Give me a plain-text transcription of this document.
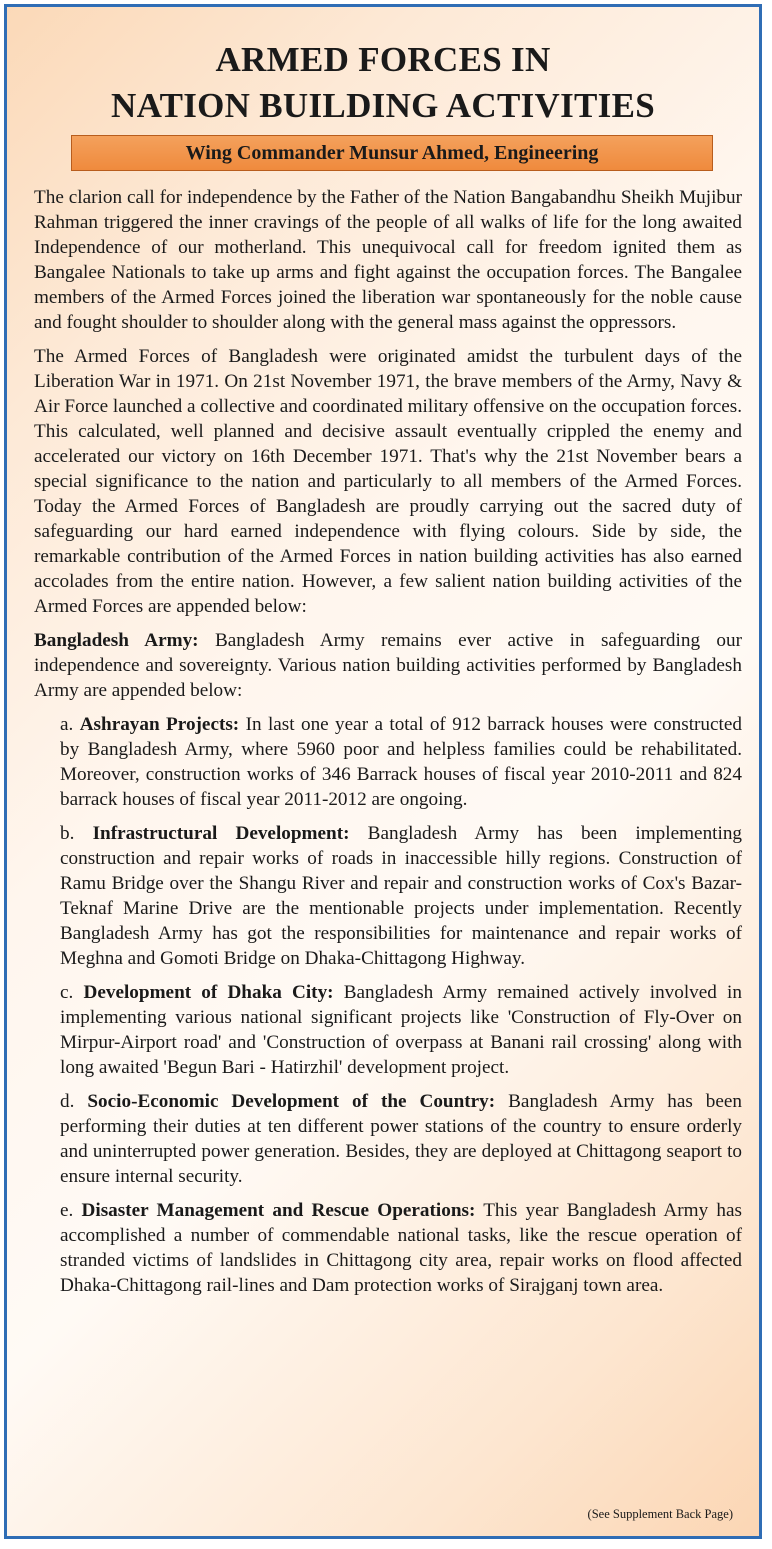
ARMED FORCES IN
NATION BUILDING ACTIVITIES
Wing Commander Munsur Ahmed, Engineering

The clarion call for independence by the Father of the Nation Bangabandhu Sheikh Mujibur Rahman triggered the inner cravings of the people of all walks of life for the long awaited Independence of our motherland. This unequivocal call for freedom ignited them as Bangalee Nationals to take up arms and fight against the occupation forces. The Bangalee members of the Armed Forces joined the liberation war spontaneously for the noble cause and fought shoulder to shoulder along with the general mass against the oppressors.

The Armed Forces of Bangladesh were originated amidst the turbulent days of the Liberation War in 1971. On 21st November 1971, the brave members of the Army, Navy & Air Force launched a collective and coordinated military offensive on the occupation forces. This calculated, well planned and decisive assault eventually crippled the enemy and accelerated our victory on 16th December 1971. That's why the 21st November bears a special significance to the nation and particularly to all members of the Armed Forces. Today the Armed Forces of Bangladesh are proudly carrying out the sacred duty of safeguarding our hard earned independence with flying colours. Side by side, the remarkable contribution of the Armed Forces in nation building activities has also earned accolades from the entire nation. However, a few salient nation building activities of the Armed Forces are appended below:

Bangladesh Army: Bangladesh Army remains ever active in safeguarding our independence and sovereignty. Various nation building activities performed by Bangladesh Army are appended below:

a. Ashrayan Projects: In last one year a total of 912 barrack houses were constructed by Bangladesh Army, where 5960 poor and helpless families could be rehabilitated. Moreover, construction works of 346 Barrack houses of fiscal year 2010-2011 and 824 barrack houses of fiscal year 2011-2012 are ongoing.

b. Infrastructural Development: Bangladesh Army has been implementing construction and repair works of roads in inaccessible hilly regions. Construction of Ramu Bridge over the Shangu River and repair and construction works of Cox's Bazar-Teknaf Marine Drive are the mentionable projects under implementation. Recently Bangladesh Army has got the responsibilities for maintenance and repair works of Meghna and Gomoti Bridge on Dhaka-Chittagong Highway.

c. Development of Dhaka City: Bangladesh Army remained actively involved in implementing various national significant projects like 'Construction of Fly-Over on Mirpur-Airport road' and 'Construction of overpass at Banani rail crossing' along with long awaited 'Begun Bari - Hatirzhil' development project.

d. Socio-Economic Development of the Country: Bangladesh Army has been performing their duties at ten different power stations of the country to ensure orderly and uninterrupted power generation. Besides, they are deployed at Chittagong seaport to ensure internal security.

e. Disaster Management and Rescue Operations: This year Bangladesh Army has accomplished a number of commendable national tasks, like the rescue operation of stranded victims of landslides in Chittagong city area, repair works on flood affected Dhaka-Chittagong rail-lines and Dam protection works of Sirajganj town area.

(See Supplement Back Page)
